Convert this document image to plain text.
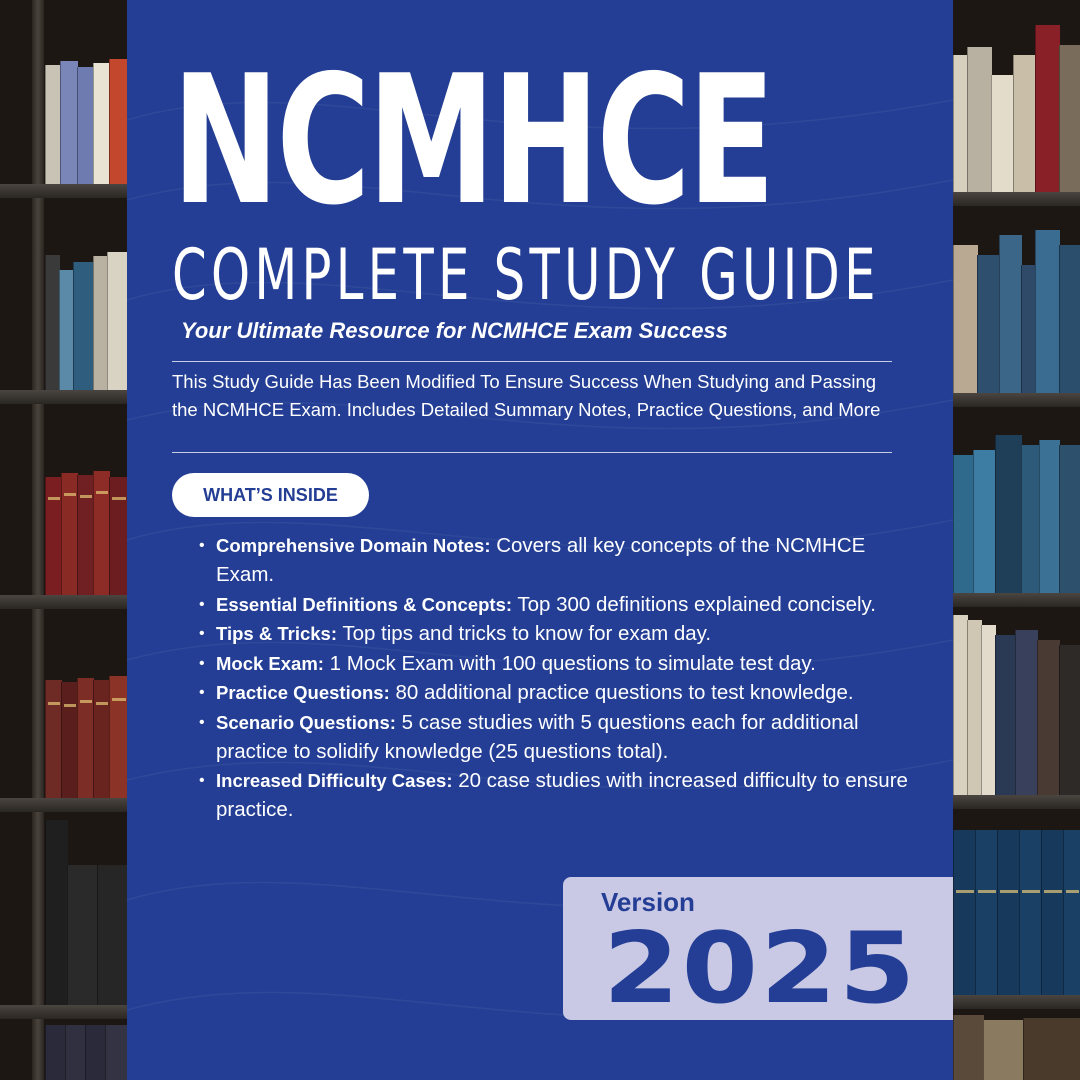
NCMHCE
COMPLETE STUDY GUIDE
Your Ultimate Resource for NCMHCE Exam Success
This Study Guide Has Been Modified To Ensure Success When Studying and Passing the NCMHCE Exam. Includes Detailed Summary Notes, Practice Questions, and More
WHAT’S INSIDE
• Comprehensive Domain Notes: Covers all key concepts of the NCMHCE Exam.
• Essential Definitions & Concepts: Top 300 definitions explained concisely.
• Tips & Tricks: Top tips and tricks to know for exam day.
• Mock Exam: 1 Mock Exam with 100 questions to simulate test day.
• Practice Questions: 80 additional practice questions to test knowledge.
• Scenario Questions: 5 case studies with 5 questions each for additional practice to solidify knowledge (25 questions total).
• Increased Difficulty Cases: 20 case studies with increased difficulty to ensure practice.
Version
2025
